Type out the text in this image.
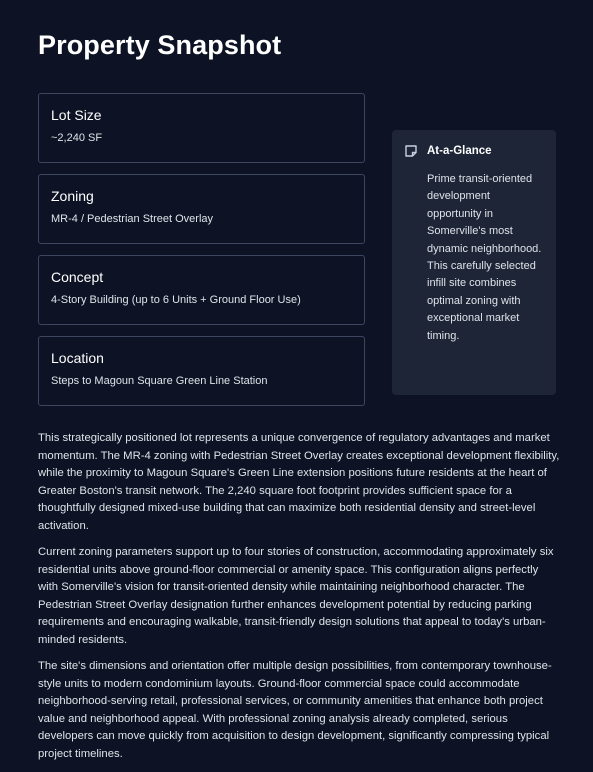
Property Snapshot
Lot Size
~2,240 SF
Zoning
MR-4 / Pedestrian Street Overlay
Concept
4-Story Building (up to 6 Units + Ground Floor Use)
Location
Steps to Magoun Square Green Line Station
At-a-Glance
Prime transit-oriented development opportunity in Somerville's most dynamic neighborhood. This carefully selected infill site combines optimal zoning with exceptional market timing.

This strategically positioned lot represents a unique convergence of regulatory advantages and market momentum. The MR-4 zoning with Pedestrian Street Overlay creates exceptional development flexibility, while the proximity to Magoun Square's Green Line extension positions future residents at the heart of Greater Boston's transit network. The 2,240 square foot footprint provides sufficient space for a thoughtfully designed mixed-use building that can maximize both residential density and street-level activation.

Current zoning parameters support up to four stories of construction, accommodating approximately six residential units above ground-floor commercial or amenity space. This configuration aligns perfectly with Somerville's vision for transit-oriented density while maintaining neighborhood character. The Pedestrian Street Overlay designation further enhances development potential by reducing parking requirements and encouraging walkable, transit-friendly design solutions that appeal to today's urban-minded residents.

The site's dimensions and orientation offer multiple design possibilities, from contemporary townhouse-style units to modern condominium layouts. Ground-floor commercial space could accommodate neighborhood-serving retail, professional services, or community amenities that enhance both project value and neighborhood appeal. With professional zoning analysis already completed, serious developers can move quickly from acquisition to design development, significantly compressing typical project timelines.
